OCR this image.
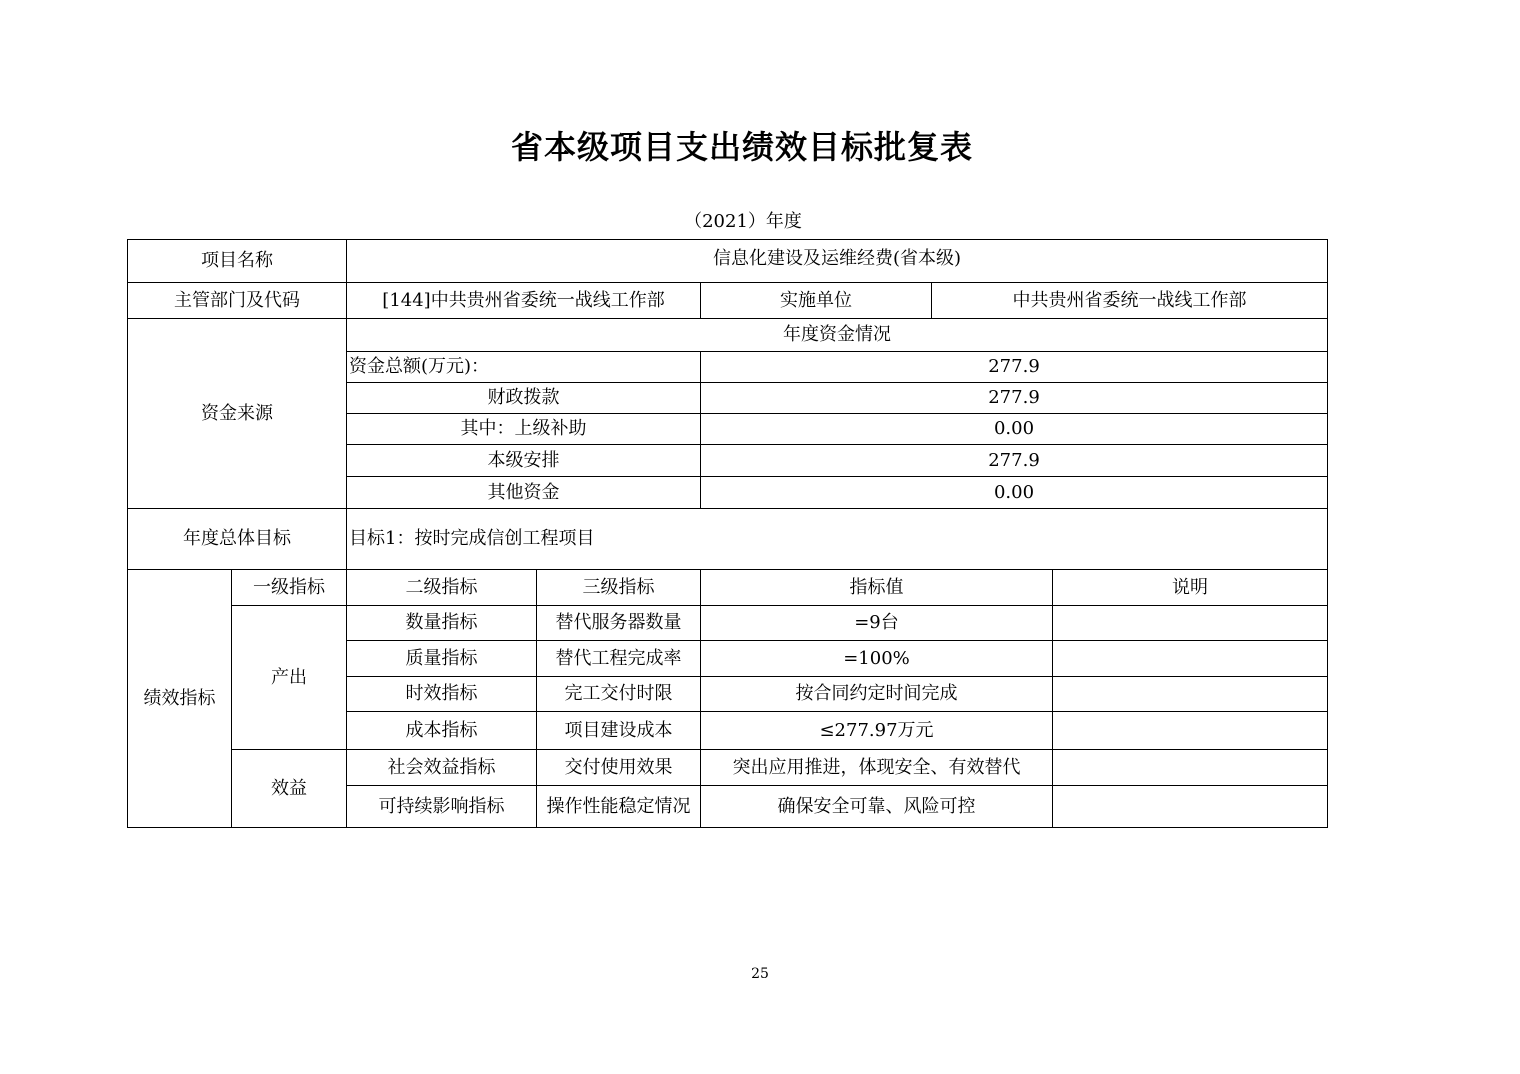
省本级项目支出绩效目标批复表
（2021）年度
项目名称		信息化建设及运维经费(省本级)				

主管部门及代码		[144]中共贵州省委统一战线工作部		实施单位	中共贵州省委统一战线工作部	
资金来源		年度资金情况				
		资金总额(万元)：		277.9		
		财政拨款		277.9		
		其中：上级补助		0.00		
		本级安排		277.9		
		其他资金		0.00		
年度总体目标		目标1：按时完成信创工程项目				
绩效指标	一级指标	二级指标	三级指标	指标值		说明
	产出	数量指标	替代服务器数量	=9台		
		质量指标	替代工程完成率	=100%		
		时效指标	完工交付时限	按合同约定时间完成		
		成本指标	项目建设成本	≤277.97万元		
	效益	社会效益指标	交付使用效果	突出应用推进，体现安全、有效替代		
		可持续影响指标	操作性能稳定情况	确保安全可靠、风险可控		
25
